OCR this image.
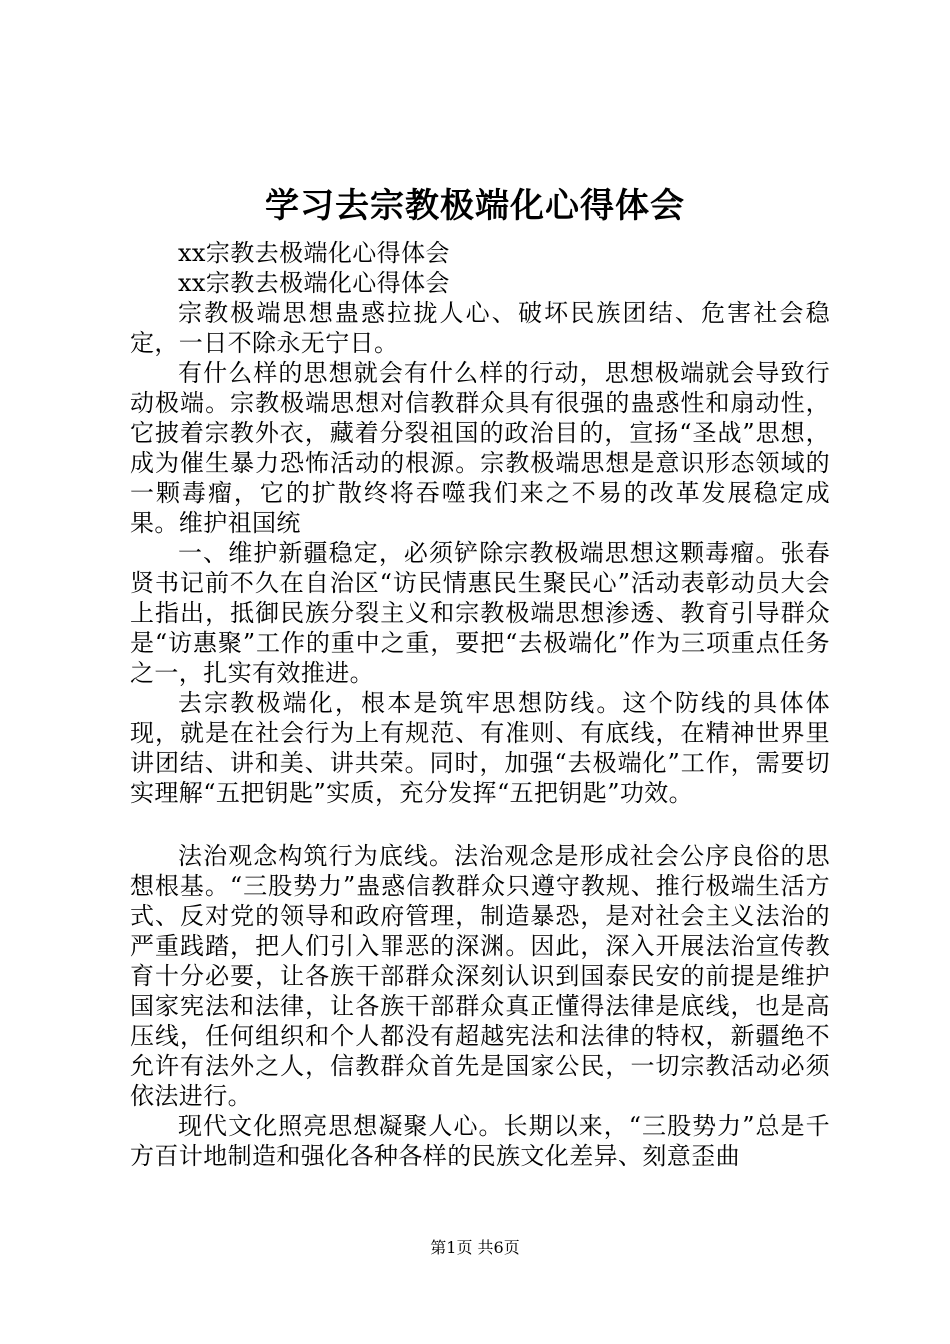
学习去宗教极端化心得体会

xx宗教去极端化心得体会

xx宗教去极端化心得体会

宗教极端思想蛊惑拉拢人心、破坏民族团结、危害社会稳定，一日不除永无宁日。

有什么样的思想就会有什么样的行动，思想极端就会导致行动极端。宗教极端思想对信教群众具有很强的蛊惑性和扇动性，它披着宗教外衣，藏着分裂祖国的政治目的，宣扬“圣战”思想，成为催生暴力恐怖活动的根源。宗教极端思想是意识形态领域的一颗毒瘤，它的扩散终将吞噬我们来之不易的改革发展稳定成果。维护祖国统

一、维护新疆稳定，必须铲除宗教极端思想这颗毒瘤。张春贤书记前不久在自治区“访民情惠民生聚民心”活动表彰动员大会上指出，抵御民族分裂主义和宗教极端思想渗透、教育引导群众是“访惠聚”工作的重中之重，要把“去极端化”作为三项重点任务之一，扎实有效推进。

去宗教极端化，根本是筑牢思想防线。这个防线的具体体现，就是在社会行为上有规范、有准则、有底线，在精神世界里讲团结、讲和美、讲共荣。同时，加强“去极端化”工作，需要切实理解“五把钥匙”实质，充分发挥“五把钥匙”功效。

法治观念构筑行为底线。法治观念是形成社会公序良俗的思想根基。“三股势力”蛊惑信教群众只遵守教规、推行极端生活方式、反对党的领导和政府管理，制造暴恐，是对社会主义法治的严重践踏，把人们引入罪恶的深渊。因此，深入开展法治宣传教育十分必要，让各族干部群众深刻认识到国泰民安的前提是维护国家宪法和法律，让各族干部群众真正懂得法律是底线，也是高压线，任何组织和个人都没有超越宪法和法律的特权，新疆绝不允许有法外之人，信教群众首先是国家公民，一切宗教活动必须依法进行。

现代文化照亮思想凝聚人心。长期以来，“三股势力”总是千方百计地制造和强化各种各样的民族文化差异、刻意歪曲

第1页 共6页
